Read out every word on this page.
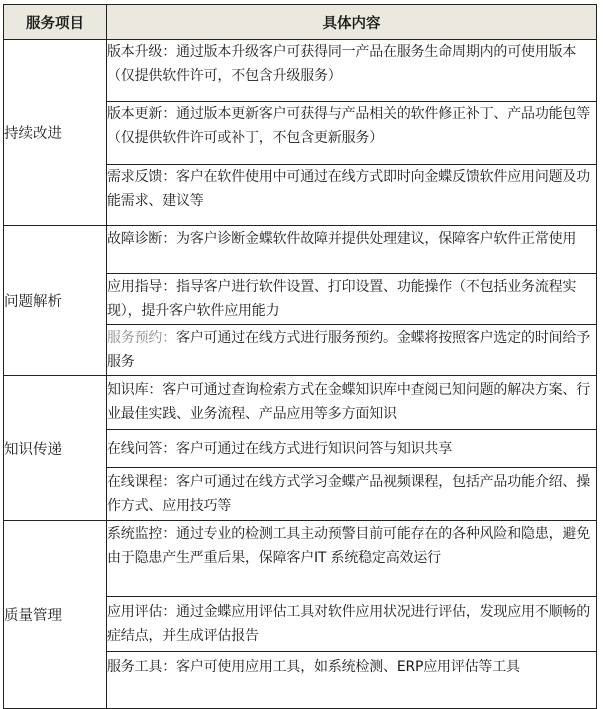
服务项目	具体内容
持续改进	版本升级：通过版本升级客户可获得同一产品在服务生命周期内的可使用版本（仅提供软件许可，不包含升级服务）
	版本更新：通过版本更新客户可获得与产品相关的软件修正补丁、产品功能包等（仅提供软件许可或补丁，不包含更新服务）
	需求反馈：客户在软件使用中可通过在线方式即时向金蝶反馈软件应用问题及功能需求、建议等
问题解析	故障诊断：为客户诊断金蝶软件故障并提供处理建议，保障客户软件正常使用
	应用指导：指导客户进行软件设置、打印设置、功能操作（不包括业务流程实现），提升客户软件应用能力
	服务预约：客户可通过在线方式进行服务预约。金蝶将按照客户选定的时间给予服务
知识传递	知识库：客户可通过查询检索方式在金蝶知识库中查阅已知问题的解决方案、行业最佳实践、业务流程、产品应用等多方面知识
	在线问答：客户可通过在线方式进行知识问答与知识共享
	在线课程：客户可通过在线方式学习金蝶产品视频课程，包括产品功能介绍、操作方式、应用技巧等
质量管理	系统监控：通过专业的检测工具主动预警目前可能存在的各种风险和隐患，避免由于隐患产生严重后果，保障客户IT 系统稳定高效运行
	应用评估：通过金蝶应用评估工具对软件应用状况进行评估，发现应用不顺畅的症结点，并生成评估报告
	服务工具：客户可使用应用工具，如系统检测、ERP应用评估等工具
